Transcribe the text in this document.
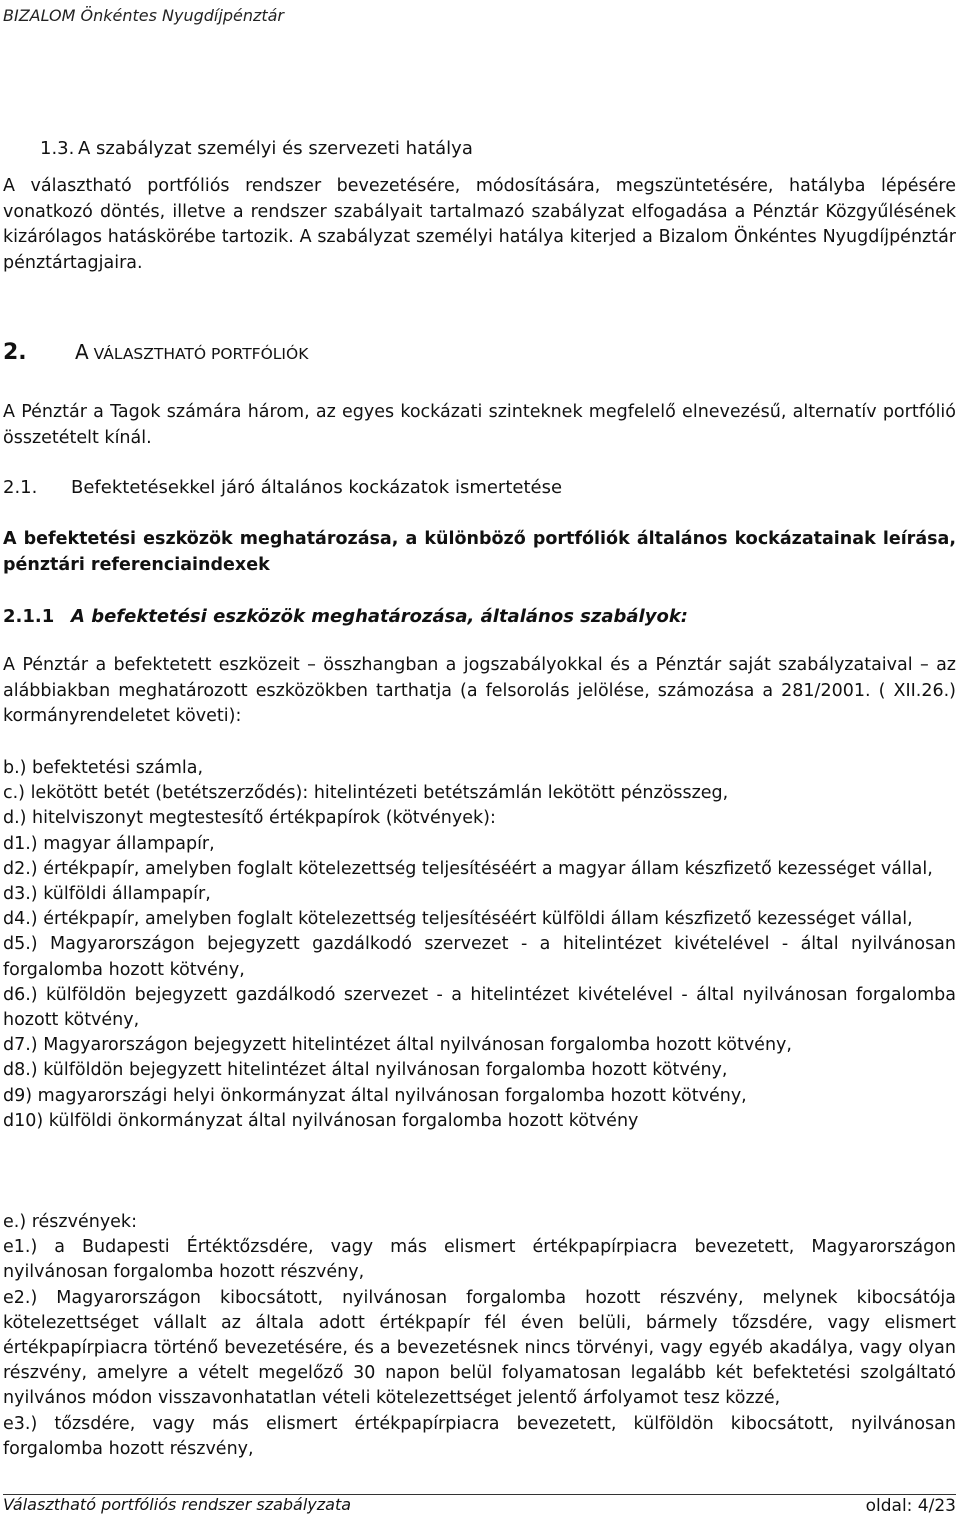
BIZALOM Önkéntes Nyugdíjpénztár
1.3. A szabályzat személyi és szervezeti hatálya

A választható portfóliós rendszer bevezetésére, módosítására, megszüntetésére, hatályba lépésére vonatkozó döntés, illetve a rendszer szabályait tartalmazó szabályzat elfogadása a Pénztár Közgyűlésének kizárólagos hatáskörébe tartozik. A szabályzat személyi hatálya kiterjed a Bizalom Önkéntes Nyugdíjpénztár pénztártagjaira.

2. A VÁLASZTHATÓ PORTFÓLIÓK

A Pénztár a Tagok számára három, az egyes kockázati szinteknek megfelelő elnevezésű, alternatív portfólió összetételt kínál.

2.1. Befektetésekkel járó általános kockázatok ismertetése

A befektetési eszközök meghatározása, a különböző portfóliók általános kockázatainak leírása, pénztári referenciaindexek

2.1.1 A befektetési eszközök meghatározása, általános szabályok:

A Pénztár a befektetett eszközeit – összhangban a jogszabályokkal és a Pénztár saját szabályzataival – az alábbiakban meghatározott eszközökben tarthatja (a felsorolás jelölése, számozása a 281/2001. ( XII.26.) kormányrendeletet követi):

b.) befektetési számla,

c.) lekötött betét (betétszerződés): hitelintézeti betétszámlán lekötött pénzösszeg,

d.) hitelviszonyt megtestesítő értékpapírok (kötvények):

d1.) magyar állampapír,

d2.) értékpapír, amelyben foglalt kötelezettség teljesítéséért a magyar állam készfizető kezességet vállal,

d3.) külföldi állampapír,

d4.) értékpapír, amelyben foglalt kötelezettség teljesítéséért külföldi állam készfizető kezességet vállal,

d5.) Magyarországon bejegyzett gazdálkodó szervezet - a hitelintézet kivételével - által nyilvánosan forgalomba hozott kötvény,

d6.) külföldön bejegyzett gazdálkodó szervezet - a hitelintézet kivételével - által nyilvánosan forgalomba hozott kötvény,

d7.) Magyarországon bejegyzett hitelintézet által nyilvánosan forgalomba hozott kötvény,

d8.) külföldön bejegyzett hitelintézet által nyilvánosan forgalomba hozott kötvény,

d9) magyarországi helyi önkormányzat által nyilvánosan forgalomba hozott kötvény,

d10) külföldi önkormányzat által nyilvánosan forgalomba hozott kötvény

e.) részvények:

e1.) a Budapesti Értéktőzsdére, vagy más elismert értékpapírpiacra bevezetett, Magyarországon nyilvánosan forgalomba hozott részvény,

e2.) Magyarországon kibocsátott, nyilvánosan forgalomba hozott részvény, melynek kibocsátója kötelezettséget vállalt az általa adott értékpapír fél éven belüli, bármely tőzsdére, vagy elismert értékpapírpiacra történő bevezetésére, és a bevezetésnek nincs törvényi, vagy egyéb akadálya, vagy olyan részvény, amelyre a vételt megelőző 30 napon belül folyamatosan legalább két befektetési szolgáltató nyilvános módon visszavonhatatlan vételi kötelezettséget jelentő árfolyamot tesz közzé,

e3.) tőzsdére, vagy más elismert értékpapírpiacra bevezetett, külföldön kibocsátott, nyilvánosan forgalomba hozott részvény,

Választható portfóliós rendszer szabályzata	oldal: 4/23
